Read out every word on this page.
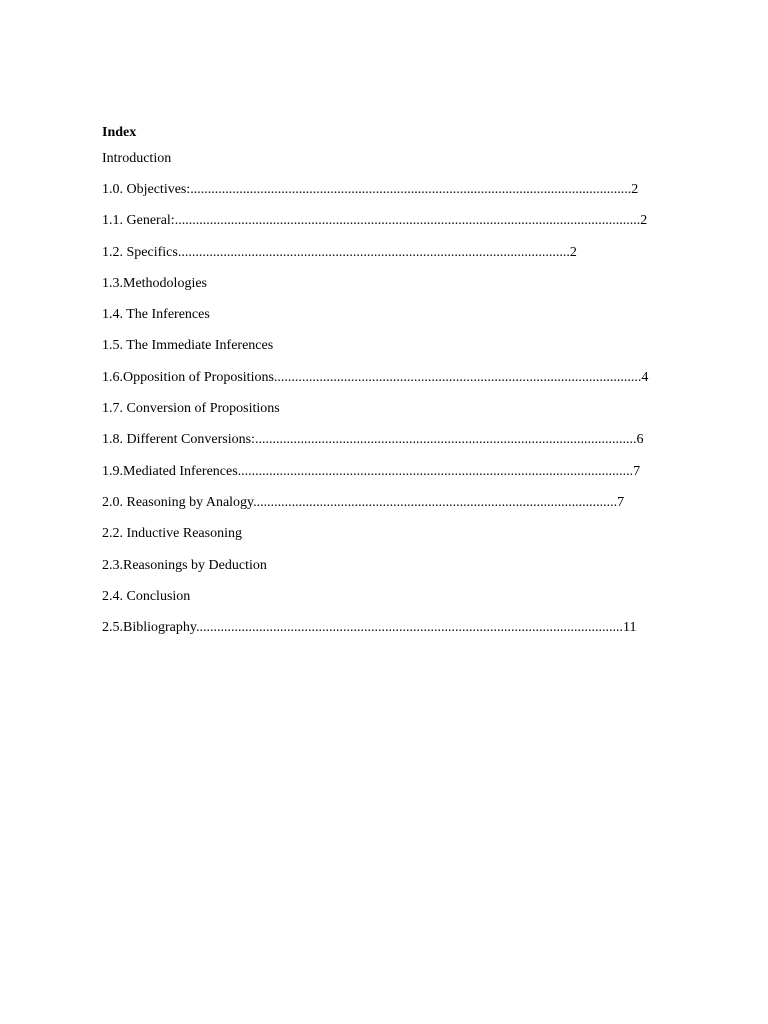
Index
Introduction
1.0. Objectives:..............................................................................................................................2
1.1. General:.....................................................................................................................................2
1.2. Specifics................................................................................................................2
1.3.Methodologies
1.4. The Inferences
1.5. The Immediate Inferences
1.6.Opposition of Propositions.........................................................................................................4
1.7. Conversion of Propositions
1.8. Different Conversions:.............................................................................................................6
1.9.Mediated Inferences.................................................................................................................7
2.0. Reasoning by Analogy........................................................................................................7
2.2. Inductive Reasoning
2.3.Reasonings by Deduction
2.4. Conclusion
2.5.Bibliography..........................................................................................................................11
